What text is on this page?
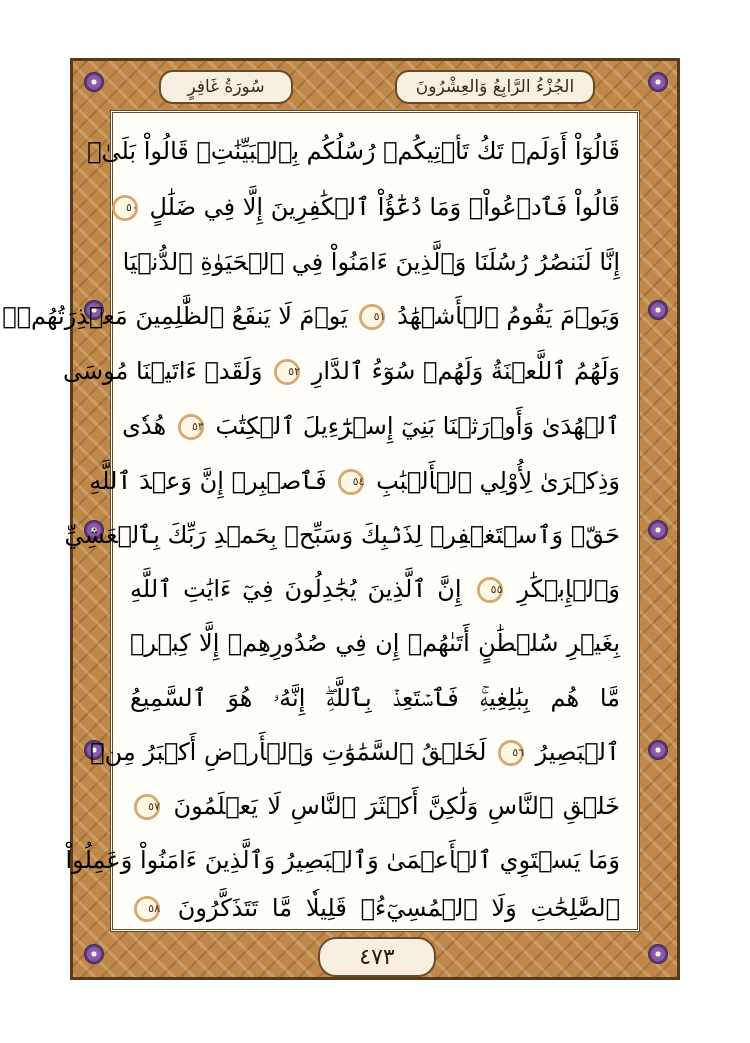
الجُزْءُ الرَّابِعُ وَالعِشْرُونَ
سُورَةُ غَافِرٍ
قَالُوٓاْ أَوَلَمۡ تَكُ تَأۡتِيكُمۡ رُسُلُكُم بِٱلۡبَيِّنَٰتِۖ قَالُواْ بَلَىٰۚ
قَالُواْ فَٱدۡعُواْۗ وَمَا دُعَٰٓؤُاْ ٱلۡكَٰفِرِينَ إِلَّا فِي ضَلَٰلٍ ٥٠
إِنَّا لَنَنصُرُ رُسُلَنَا وَٱلَّذِينَ ءَامَنُواْ فِي ٱلۡحَيَوٰةِ ٱلدُّنۡيَا
وَيَوۡمَ يَقُومُ ٱلۡأَشۡهَٰدُ ٥١ يَوۡمَ لَا يَنفَعُ ٱلظَّٰلِمِينَ مَعۡذِرَتُهُمۡۖ
وَلَهُمُ ٱللَّعۡنَةُ وَلَهُمۡ سُوٓءُ ٱلدَّارِ ٥٢ وَلَقَدۡ ءَاتَيۡنَا مُوسَى
ٱلۡهُدَىٰ وَأَوۡرَثۡنَا بَنِيٓ إِسۡرَٰٓءِيلَ ٱلۡكِتَٰبَ ٥٣ هُدٗى
وَذِكۡرَىٰ لِأُوْلِي ٱلۡأَلۡبَٰبِ ٥٤ فَٱصۡبِرۡ إِنَّ وَعۡدَ ٱللَّهِ
حَقّٞ وَٱسۡتَغۡفِرۡ لِذَنۢبِكَ وَسَبِّحۡ بِحَمۡدِ رَبِّكَ بِٱلۡعَشِيِّ
وَٱلۡإِبۡكَٰرِ ٥٥ إِنَّ ٱلَّذِينَ يُجَٰدِلُونَ فِيٓ ءَايَٰتِ ٱللَّهِ
بِغَيۡرِ سُلۡطَٰنٍ أَتَىٰهُمۡ إِن فِي صُدُورِهِمۡ إِلَّا كِبۡرٞ
مَّا هُم بِبَٰلِغِيهِۚ فَٱسۡتَعِذۡ بِٱللَّهِۖ إِنَّهُۥ هُوَ ٱلسَّمِيعُ
ٱلۡبَصِيرُ ٥٦ لَخَلۡقُ ٱلسَّمَٰوَٰتِ وَٱلۡأَرۡضِ أَكۡبَرُ مِنۡ
خَلۡقِ ٱلنَّاسِ وَلَٰكِنَّ أَكۡثَرَ ٱلنَّاسِ لَا يَعۡلَمُونَ ٥٧
وَمَا يَسۡتَوِي ٱلۡأَعۡمَىٰ وَٱلۡبَصِيرُ وَٱلَّذِينَ ءَامَنُواْ وَعَمِلُواْ
ٱلصَّٰلِحَٰتِ وَلَا ٱلۡمُسِيٓءُۚ قَلِيلٗا مَّا تَتَذَكَّرُونَ ٥٨
٤٧٣
